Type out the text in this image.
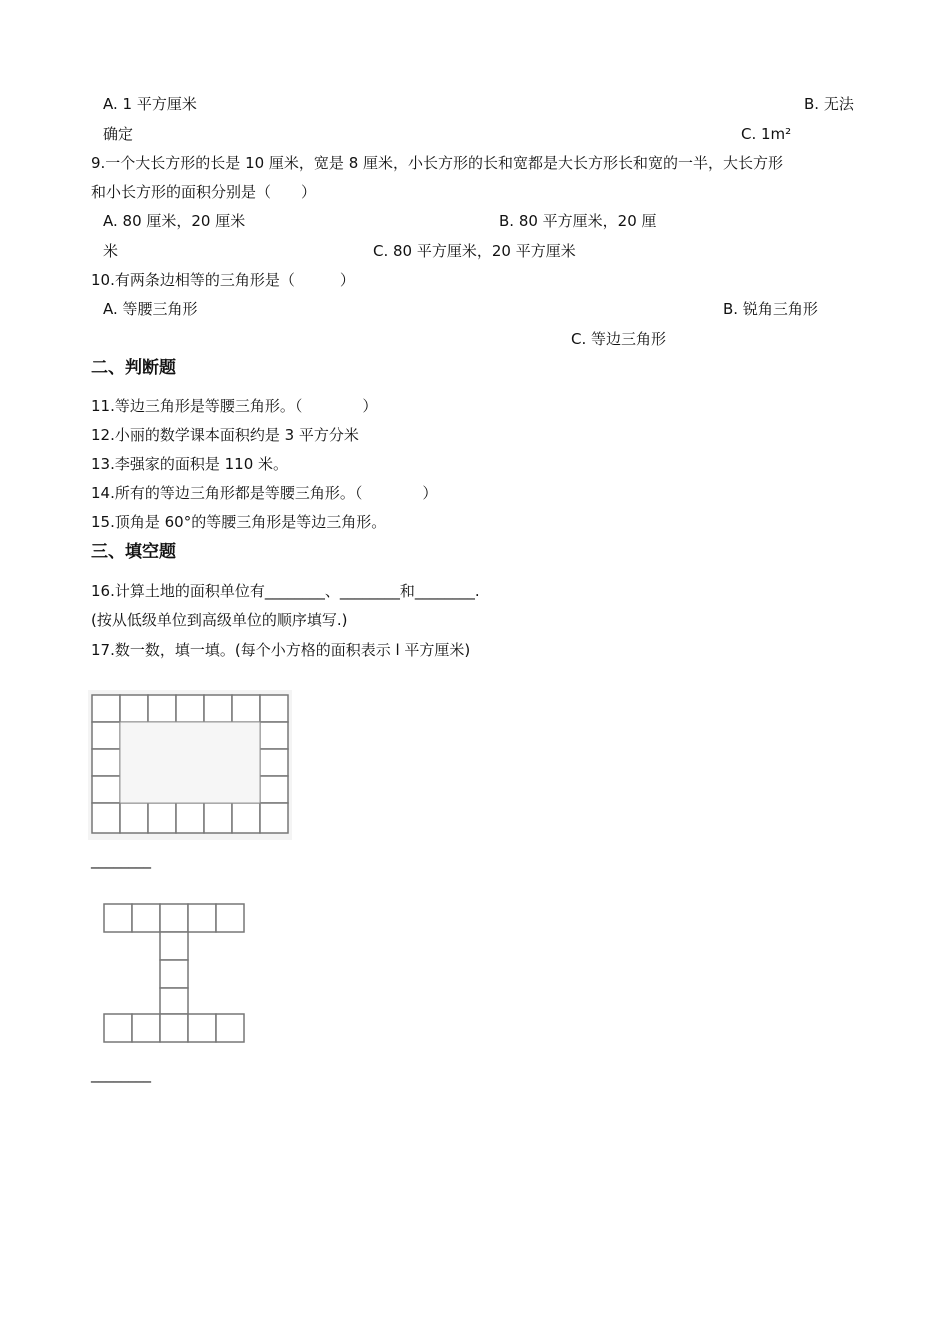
A. 1 平方厘米	B. 无法
确定	C. 1m²
9.一个大长方形的长是 10 厘米，宽是 8 厘米，小长方形的长和宽都是大长方形长和宽的一半，大长方形
和小长方形的面积分别是（　　）
A. 80 厘米，20 厘米	B. 80 平方厘米，20 厘
米	C. 80 平方厘米，20 平方厘米
10.有两条边相等的三角形是（　　　）
A. 等腰三角形	B. 锐角三角形
C. 等边三角形
二、判断题
11.等边三角形是等腰三角形。（　　　　）
12.小丽的数学课本面积约是 3 平方分米
13.李强家的面积是 110 米。
14.所有的等边三角形都是等腰三角形。（　　　　）
15.顶角是 60°的等腰三角形是等边三角形。
三、填空题
16.计算土地的面积单位有________、________和________.
(按从低级单位到高级单位的顺序填写.)
17.数一数，填一填。(每个小方格的面积表示 l 平方厘米)
________
________
